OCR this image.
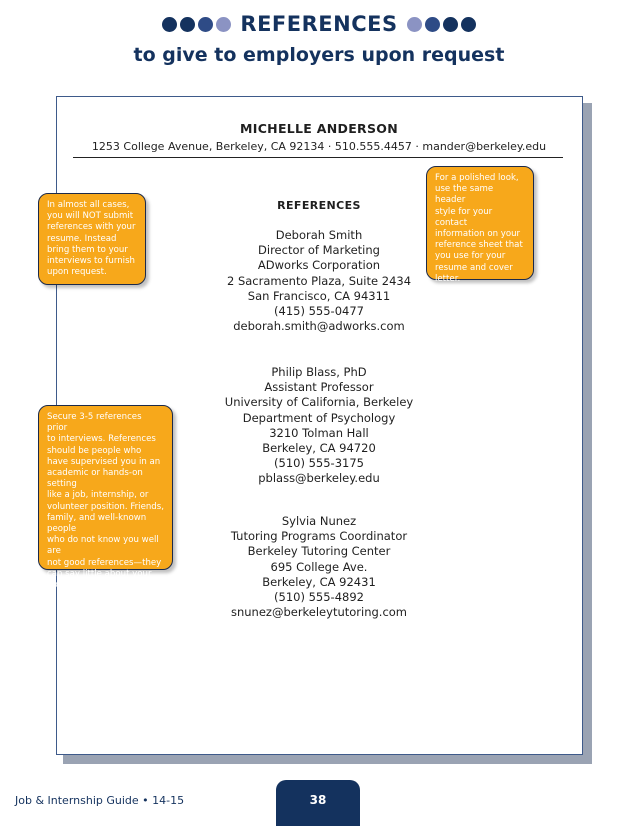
REFERENCES
to give to employers upon request
MICHELLE ANDERSON
1253 College Avenue, Berkeley, CA 92134 · 510.555.4457 · mander@berkeley.edu
REFERENCES
Deborah Smith
Director of Marketing
ADworks Corporation
2 Sacramento Plaza, Suite 2434
San Francisco, CA 94311
(415) 555-0477
deborah.smith@adworks.com
Philip Blass, PhD
Assistant Professor
University of California, Berkeley
Department of Psychology
3210 Tolman Hall
Berkeley, CA 94720
(510) 555-3175
pblass@berkeley.edu
Sylvia Nunez
Tutoring Programs Coordinator
Berkeley Tutoring Center
695 College Ave.
Berkeley, CA 92431
(510) 555-4892
snunez@berkeleytutoring.com
In almost all cases,
you will NOT submit
references with your
resume. Instead
bring them to your
interviews to furnish
upon request.
For a polished look,
use the same header
style for your contact
information on your
reference sheet that
you use for your
resume and cover
letter.
Secure 3-5 references prior
to interviews. References
should be people who
have supervised you in an
academic or hands-on setting
like a job, internship, or
volunteer position. Friends,
family, and well-known people
who do not know you well are
not good references—they
can say little about your
potential for success.
Job & Internship Guide • 14-15	38
